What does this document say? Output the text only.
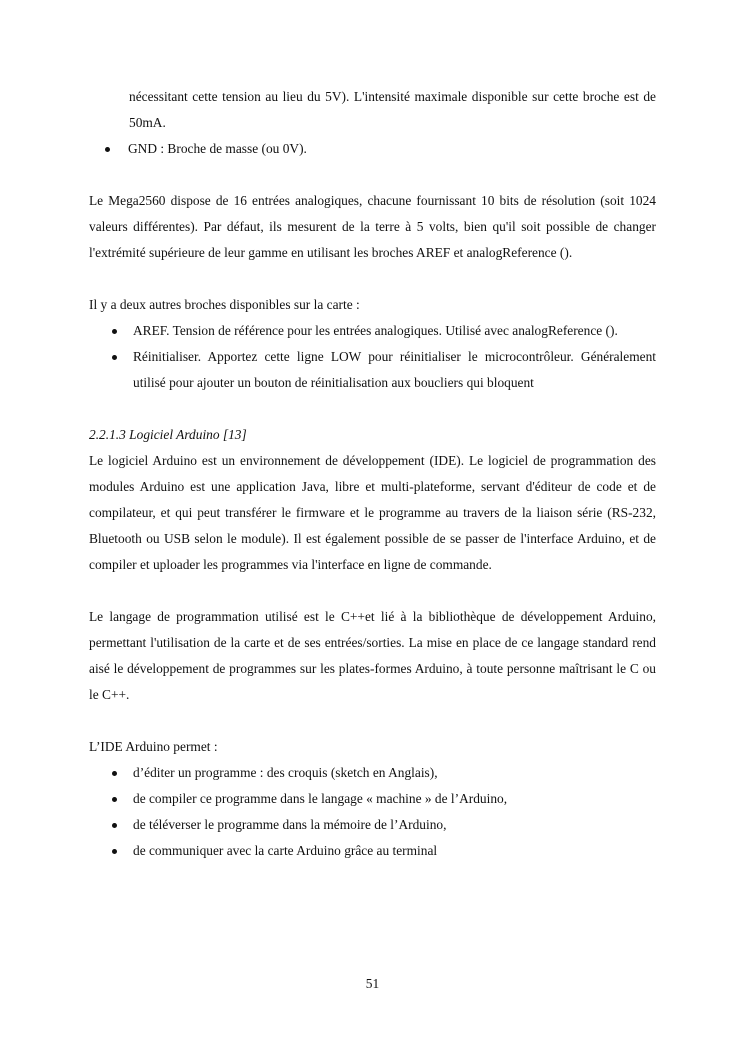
nécessitant cette tension au lieu du 5V). L'intensité maximale disponible sur cette broche est de 50mA.

GND : Broche de masse (ou 0V).

Le Mega2560 dispose de 16 entrées analogiques, chacune fournissant 10 bits de résolution (soit 1024 valeurs différentes). Par défaut, ils mesurent de la terre à 5 volts, bien qu'il soit possible de changer l'extrémité supérieure de leur gamme en utilisant les broches AREF et analogReference ().

Il y a deux autres broches disponibles sur la carte :

AREF. Tension de référence pour les entrées analogiques. Utilisé avec analogReference ().
Réinitialiser. Apportez cette ligne LOW pour réinitialiser le microcontrôleur. Généralement utilisé pour ajouter un bouton de réinitialisation aux boucliers qui bloquent
2.2.1.3 Logiciel Arduino [13]

Le logiciel Arduino est un environnement de développement (IDE). Le logiciel de programmation des modules Arduino est une application Java, libre et multi-plateforme, servant d'éditeur de code et de compilateur, et qui peut transférer le firmware et le programme au travers de la liaison série (RS-232, Bluetooth ou USB selon le module). Il est également possible de se passer de l'interface Arduino, et de compiler et uploader les programmes via l'interface en ligne de commande.

Le langage de programmation utilisé est le C++et lié à la bibliothèque de développement Arduino, permettant l'utilisation de la carte et de ses entrées/sorties. La mise en place de ce langage standard rend aisé le développement de programmes sur les plates-formes Arduino, à toute personne maîtrisant le C ou le C++.

L’IDE Arduino permet :

d’éditer un programme : des croquis (sketch en Anglais),
de compiler ce programme dans le langage « machine » de l’Arduino,
de téléverser le programme dans la mémoire de l’Arduino,
de communiquer avec la carte Arduino grâce au terminal
51
